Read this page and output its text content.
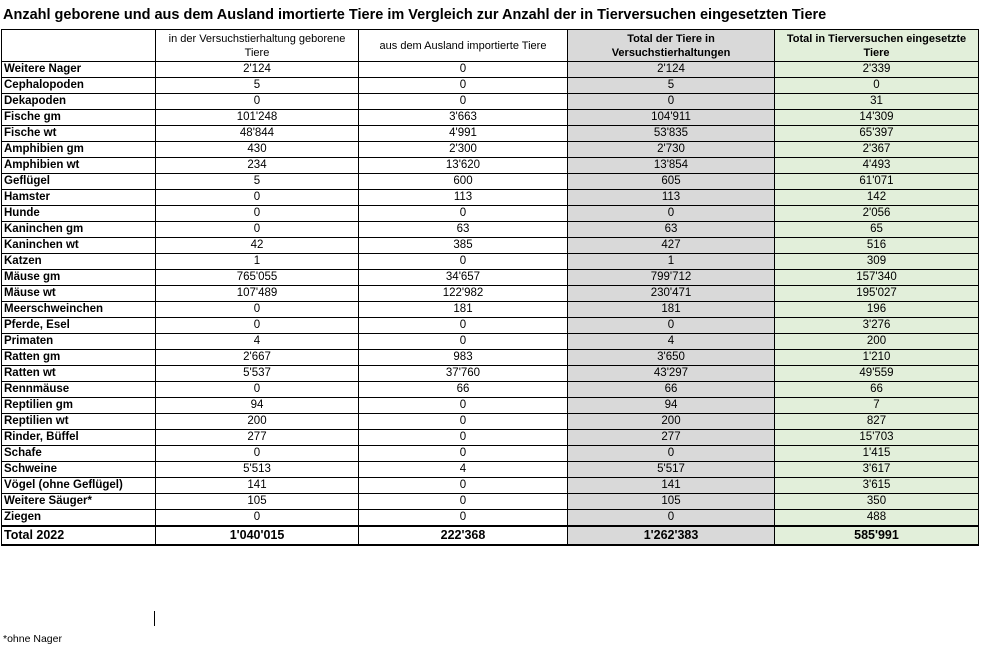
Anzahl geborene und aus dem Ausland imortierte Tiere im Vergleich zur Anzahl der in Tierversuchen eingesetzten Tiere
	in der Versuchstierhaltung geborene Tiere	aus dem Ausland importierte Tiere	Total der Tiere in Versuchstierhaltungen	Total in Tierversuchen eingesetzte Tiere
Weitere Nager	2'124	0	2'124	2'339
Cephalopoden	5	0	5	0
Dekapoden	0	0	0	31
Fische gm	101'248	3'663	104'911	14'309
Fische wt	48'844	4'991	53'835	65'397
Amphibien gm	430	2'300	2'730	2'367
Amphibien wt	234	13'620	13'854	4'493
Geflügel	5	600	605	61'071
Hamster	0	113	113	142
Hunde	0	0	0	2'056
Kaninchen gm	0	63	63	65
Kaninchen wt	42	385	427	516
Katzen	1	0	1	309
Mäuse gm	765'055	34'657	799'712	157'340
Mäuse wt	107'489	122'982	230'471	195'027
Meerschweinchen	0	181	181	196
Pferde, Esel	0	0	0	3'276
Primaten	4	0	4	200
Ratten gm	2'667	983	3'650	1'210
Ratten wt	5'537	37'760	43'297	49'559
Rennmäuse	0	66	66	66
Reptilien gm	94	0	94	7
Reptilien wt	200	0	200	827
Rinder, Büffel	277	0	277	15'703
Schafe	0	0	0	1'415
Schweine	5'513	4	5'517	3'617
Vögel (ohne Geflügel)	141	0	141	3'615
Weitere Säuger*	105	0	105	350
Ziegen	0	0	0	488
Total 2022	1'040'015	222'368	1'262'383	585'991
*ohne Nager
